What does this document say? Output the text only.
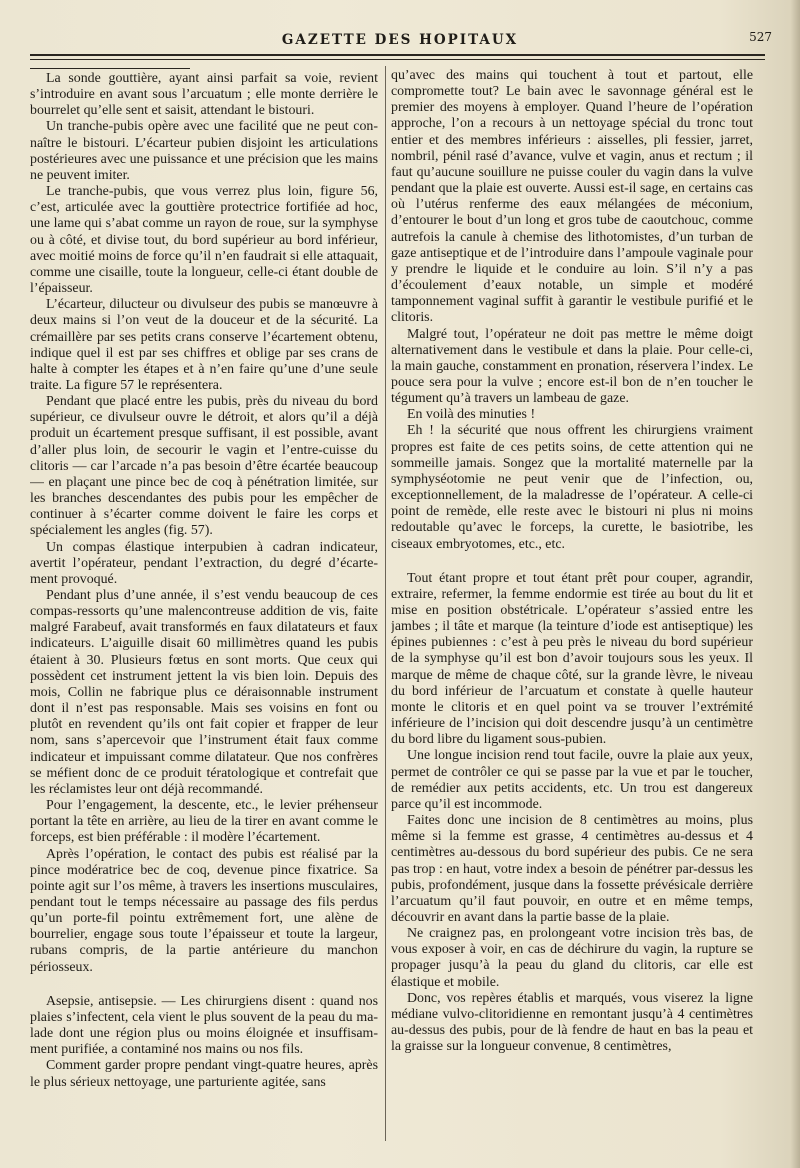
GAZETTE DES HOPITAUX	527

La sonde gouttière, ayant ainsi parfait sa voie, revient s’introduire en avant sous l’arcuatum ; elle monte derrière le bourrelet qu’elle sent et saisit, attendant le bistouri.

Un tranche-pubis opère avec une facilité que ne peut connaître le bistouri. L’écarteur pubien disjoint les articulations postérieures avec une puissance et une précision que les mains ne peuvent imiter.

Le tranche-pubis, que vous verrez plus loin, figure 56, c’est, articulée avec la gouttière protectrice fortifiée ad hoc, une lame qui s’abat comme un rayon de roue, sur la symphyse ou à côté, et divise tout, du bord supérieur au bord inférieur, avec moitié moins de force qu’il n’en faudrait si elle attaquait, comme une cisaille, toute la longueur, celle-ci étant double de l’épaisseur.

L’écarteur, dilucteur ou divulseur des pubis se manœuvre à deux mains si l’on veut de la douceur et de la sécurité. La crémaillère par ses petits crans conserve l’écartement obtenu, indique quel il est par ses chiffres et oblige par ses crans de halte à compter les étapes et à n’en faire qu’une d’une seule traite. La figure 57 le représentera.

Pendant que placé entre les pubis, près du niveau du bord supérieur, ce divulseur ouvre le détroit, et alors qu’il a déjà produit un écartement presque suffisant, il est possible, avant d’aller plus loin, de secourir le vagin et l’entre-cuisse du clitoris — car l’arcade n’a pas besoin d’être écartée beaucoup — en plaçant une pince bec de coq à pénétration limitée, sur les branches descendantes des pubis pour les empêcher de continuer à s’écarter comme doivent le faire les corps et spécialement les angles (fig. 57).

Un compas élastique interpubien à cadran indicateur, avertit l’opérateur, pendant l’extraction, du degré d’écartement provoqué.

Pendant plus d’une année, il s’est vendu beaucoup de ces compas-ressorts qu’une malencontreuse addition de vis, faite malgré Farabeuf, avait transformés en faux dilatateurs et faux indicateurs. L’aiguille disait 60 millimètres quand les pubis étaient à 30. Plusieurs fœtus en sont morts. Que ceux qui possèdent cet instrument jettent la vis bien loin. Depuis des mois, Collin ne fabrique plus ce déraisonnable instrument dont il n’est pas responsable. Mais ses voisins en font ou plutôt en revendent qu’ils ont fait copier et frapper de leur nom, sans s’apercevoir que l’instrument était faux comme indicateur et impuissant comme dilatateur. Que nos confrères se méfient donc de ce produit tératologique et contrefait que les réclamistes leur ont déjà recommandé.

Pour l’engagement, la descente, etc., le levier préhenseur portant la tête en arrière, au lieu de la tirer en avant comme le forceps, est bien préférable : il modère l’écartement.

Après l’opération, le contact des pubis est réalisé par la pince modératrice bec de coq, devenue pince fixatrice. Sa pointe agit sur l’os même, à travers les insertions musculaires, pendant tout le temps nécessaire au passage des fils perdus qu’un porte-fil pointu extrêmement fort, une alène de bourrelier, engage sous toute l’épaisseur et toute la largeur, rubans compris, de la partie antérieure du manchon périosseux.

Asepsie, antisepsie. — Les chirurgiens disent : quand nos plaies s’infectent, cela vient le plus souvent de la peau du malade dont une région plus ou moins éloignée et insuffisamment purifiée, a contaminé nos mains ou nos fils.

Comment garder propre pendant vingt-quatre heures, après le plus sérieux nettoyage, une parturiente agitée, sans

qu’avec des mains qui touchent à tout et partout, elle compromette tout? Le bain avec le savonnage général est le premier des moyens à employer. Quand l’heure de l’opération approche, l’on a recours à un nettoyage spécial du tronc tout entier et des membres inférieurs : aisselles, pli fessier, jarret, nombril, pénil rasé d’avance, vulve et vagin, anus et rectum ; il faut qu’aucune souillure ne puisse couler du vagin dans la vulve pendant que la plaie est ouverte. Aussi est-il sage, en certains cas où l’utérus renferme des eaux mélangées de méconium, d’entourer le bout d’un long et gros tube de caoutchouc, comme autrefois la canule à chemise des lithotomistes, d’un turban de gaze antiseptique et de l’introduire dans l’ampoule vaginale pour y prendre le liquide et le conduire au loin. S’il n’y a pas d’écoulement d’eaux notable, un simple et modéré tamponnement vaginal suffit à garantir le vestibule purifié et le clitoris.

Malgré tout, l’opérateur ne doit pas mettre le même doigt alternativement dans le vestibule et dans la plaie. Pour celle-ci, la main gauche, constamment en pronation, réservera l’index. Le pouce sera pour la vulve ; encore est-il bon de n’en toucher le tégument qu’à travers un lambeau de gaze.

En voilà des minuties !

Eh ! la sécurité que nous offrent les chirurgiens vraiment propres est faite de ces petits soins, de cette attention qui ne sommeille jamais. Songez que la mortalité maternelle par la symphyséotomie ne peut venir que de l’infection, ou, exceptionnellement, de la maladresse de l’opérateur. A celle-ci point de remède, elle reste avec le bistouri ni plus ni moins redoutable qu’avec le forceps, la curette, le basiotribe, les ciseaux embryotomes, etc., etc.

Tout étant propre et tout étant prêt pour couper, agrandir, extraire, refermer, la femme endormie est tirée au bout du lit et mise en position obstétricale. L’opérateur s’assied entre les jambes ; il tâte et marque (la teinture d’iode est antiseptique) les épines pubiennes : c’est à peu près le niveau du bord supérieur de la symphyse qu’il est bon d’avoir toujours sous les yeux. Il marque de même de chaque côté, sur la grande lèvre, le niveau du bord inférieur de l’arcuatum et constate à quelle hauteur monte le clitoris et en quel point va se trouver l’extrémité inférieure de l’incision qui doit descendre jusqu’à un centimètre du bord libre du ligament sous-pubien.

Une longue incision rend tout facile, ouvre la plaie aux yeux, permet de contrôler ce qui se passe par la vue et par le toucher, de remédier aux petits accidents, etc. Un trou est dangereux parce qu’il est incommode.

Faites donc une incision de 8 centimètres au moins, plus même si la femme est grasse, 4 centimètres au-dessus et 4 centimètres au-dessous du bord supérieur des pubis. Ce ne sera pas trop : en haut, votre index a besoin de pénétrer par-dessus les pubis, profondément, jusque dans la fossette prévésicale derrière l’arcuatum qu’il faut pouvoir, en outre et en même temps, découvrir en avant dans la partie basse de la plaie.

Ne craignez pas, en prolongeant votre incision très bas, de vous exposer à voir, en cas de déchirure du vagin, la rupture se propager jusqu’à la peau du gland du clitoris, car elle est élastique et mobile.

Donc, vos repères établis et marqués, vous viserez la ligne médiane vulvo-clitoridienne en remontant jusqu’à 4 centimètres au-dessus des pubis, pour de là fendre de haut en bas la peau et la graisse sur la longueur convenue, 8 centimètres,
